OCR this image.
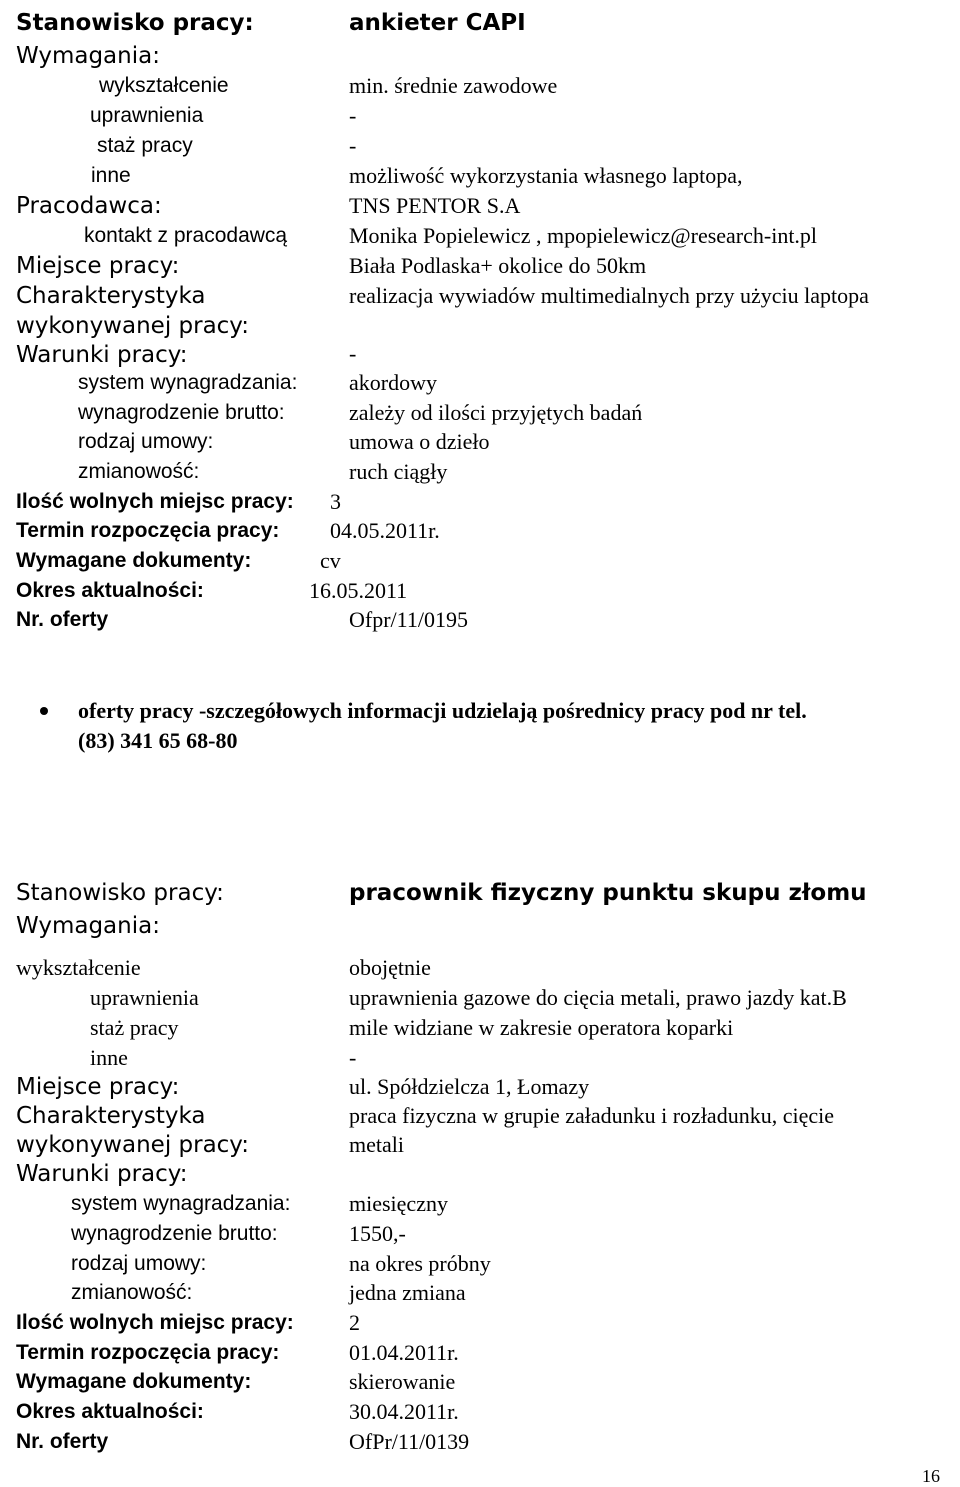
Stanowisko pracy:	ankieter CAPI
Wymagania:
wykształcenie	min. średnie zawodowe
uprawnienia	-
staż pracy	-
inne	możliwość wykorzystania własnego laptopa,
Pracodawca:	TNS PENTOR S.A
kontakt z pracodawcą	Monika Popielewicz , mpopielewicz@research-int.pl
Miejsce pracy:	Biała Podlaska+ okolice do 50km
Charakterystyka
wykonywanej pracy:
realizacja wywiadów multimedialnych przy użyciu laptopa
Warunki pracy:	-
system wynagradzania: akordowy
wynagrodzenie brutto:	zależy od ilości przyjętych badań
rodzaj umowy:	umowa o dzieło
zmianowość:	ruch ciągły
Ilość wolnych miejsc pracy: 3
Termin rozpoczęcia pracy: 04.05.2011r.
Wymagane dokumenty:	cv
Okres aktualności:	16.05.2011
Nr. oferty	Ofpr/11/0195
oferty pracy -szczegółowych informacji udzielają pośrednicy pracy pod nr tel.
(83) 341 65 68-80
Stanowisko pracy:	pracownik fizyczny punktu skupu złomu
Wymagania:
wykształcenie	obojętnie
uprawnienia	uprawnienia gazowe do cięcia metali, prawo jazdy kat.B
staż pracy	mile widziane w zakresie operatora koparki
inne	-
Miejsce pracy:	ul. Spółdzielcza 1, Łomazy
Charakterystyka
wykonywanej pracy:
praca fizyczna w grupie załadunku i rozładunku, cięcie
metali
Warunki pracy:
system wynagradzania:	miesięczny
wynagrodzenie brutto:	1550,-
rodzaj umowy:	na okres próbny
zmianowość:	jedna zmiana
Ilość wolnych miejsc pracy:	2
Termin rozpoczęcia pracy:	01.04.2011r.
Wymagane dokumenty:	skierowanie
Okres aktualności:	30.04.2011r.
Nr. oferty	OfPr/11/0139
16
